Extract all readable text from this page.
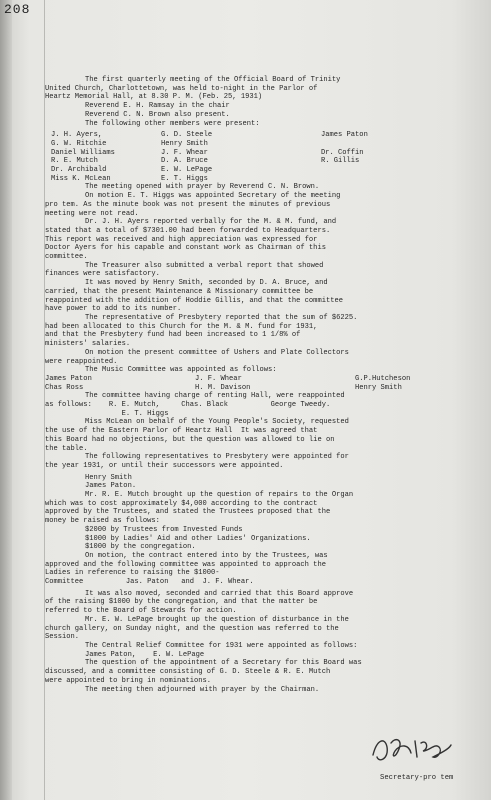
208
The first quarterly meeting of the Official Board of Trinity
United Church, Charlottetown, was held to-night in the Parlor of
Heartz Memorial Hall, at 8.30 P. M. (Feb. 25, 1931)
Reverend E. H. Ramsay in the chair
Reverend C. N. Brown also present.
The following other members were present:
J. H. Ayers,	G. D. Steele	James Paton
G. W. Ritchie	Henry Smith
Daniel Williams	J. F. Whear	Dr. Coffin
R. E. Mutch	D. A. Bruce	R. Gillis
Dr. Archibald	E. W. LePage
Miss K. McLean	E. T. Higgs
The meeting opened with prayer by Reverend C. N. Brown.
On motion E. T. Higgs was appointed Secretary of the meeting
pro tem. As the minute book was not present the minutes of previous
meeting were not read.
Dr. J. H. Ayers reported verbally for the M. & M. fund, and
stated that a total of $7301.00 had been forwarded to Headquarters.
This report was received and high appreciation was expressed for
Doctor Ayers for his capable and constant work as Chairman of this
committee.
The Treasurer also submitted a verbal report that showed
finances were satisfactory.
It was moved by Henry Smith, seconded by D. A. Bruce, and
carried, that the present Maintenance & Missionary committee be
reappointed with the addition of Hoddie Gillis, and that the committee
have power to add to its number.
The representative of Presbytery reported that the sum of $6225.
had been allocated to this Church for the M. & M. fund for 1931,
and that the Presbytery fund had been increased to 1 1/8% of
ministers' salaries.
On motion the present committee of Ushers and Plate Collectors
were reappointed.
The Music Committee was appointed as follows:
James Paton	J. F. Whear	G.P.Hutcheson
Chas Ross	H. M. Davison	Henry Smith
The committee having charge of renting Hall, were reappointed
as follows:    R. E. Mutch,     Chas. Black          George Tweedy.
E. T. Higgs
Miss McLean on behalf of the Young People's Society, requested
the use of the Eastern Parlor of Heartz Hall  It was agreed that
this Board had no objections, but the question was allowed to lie on
the table.
The following representatives to Presbytery were appointed for
the year 1931, or until their successors were appointed.
Henry Smith
James Paton.
Mr. R. E. Mutch brought up the question of repairs to the Organ
which was to cost approximately $4,000 according to the contract
approved by the Trustees, and stated the Trustees proposed that the
money be raised as follows:
$2000 by Trustees from Invested Funds
$1000 by Ladies' Aid and other Ladies' Organizations.
$1000 by the congregation.
On motion, the contract entered into by the Trustees, was
approved and the following committee was appointed to approach the
Ladies in reference to raising the $1000-
Committee          Jas. Paton   and  J. F. Whear.
It was also moved, seconded and carried that this Board approve
of the raising $1000 by the congregation, and that the matter be
referred to the Board of Stewards for action.
Mr. E. W. LePage brought up the question of disturbance in the
church gallery, on Sunday night, and the question was referred to the
Session.
The Central Relief Committee for 1931 were appointed as follows:
James Paton,    E. W. LePage
The question of the appointment of a Secretary for this Board was
discussed, and a committee consisting of G. D. Steele & R. E. Mutch
were appointed to bring in nominations.
The meeting then adjourned with prayer by the Chairman.
Secretary-pro tem
